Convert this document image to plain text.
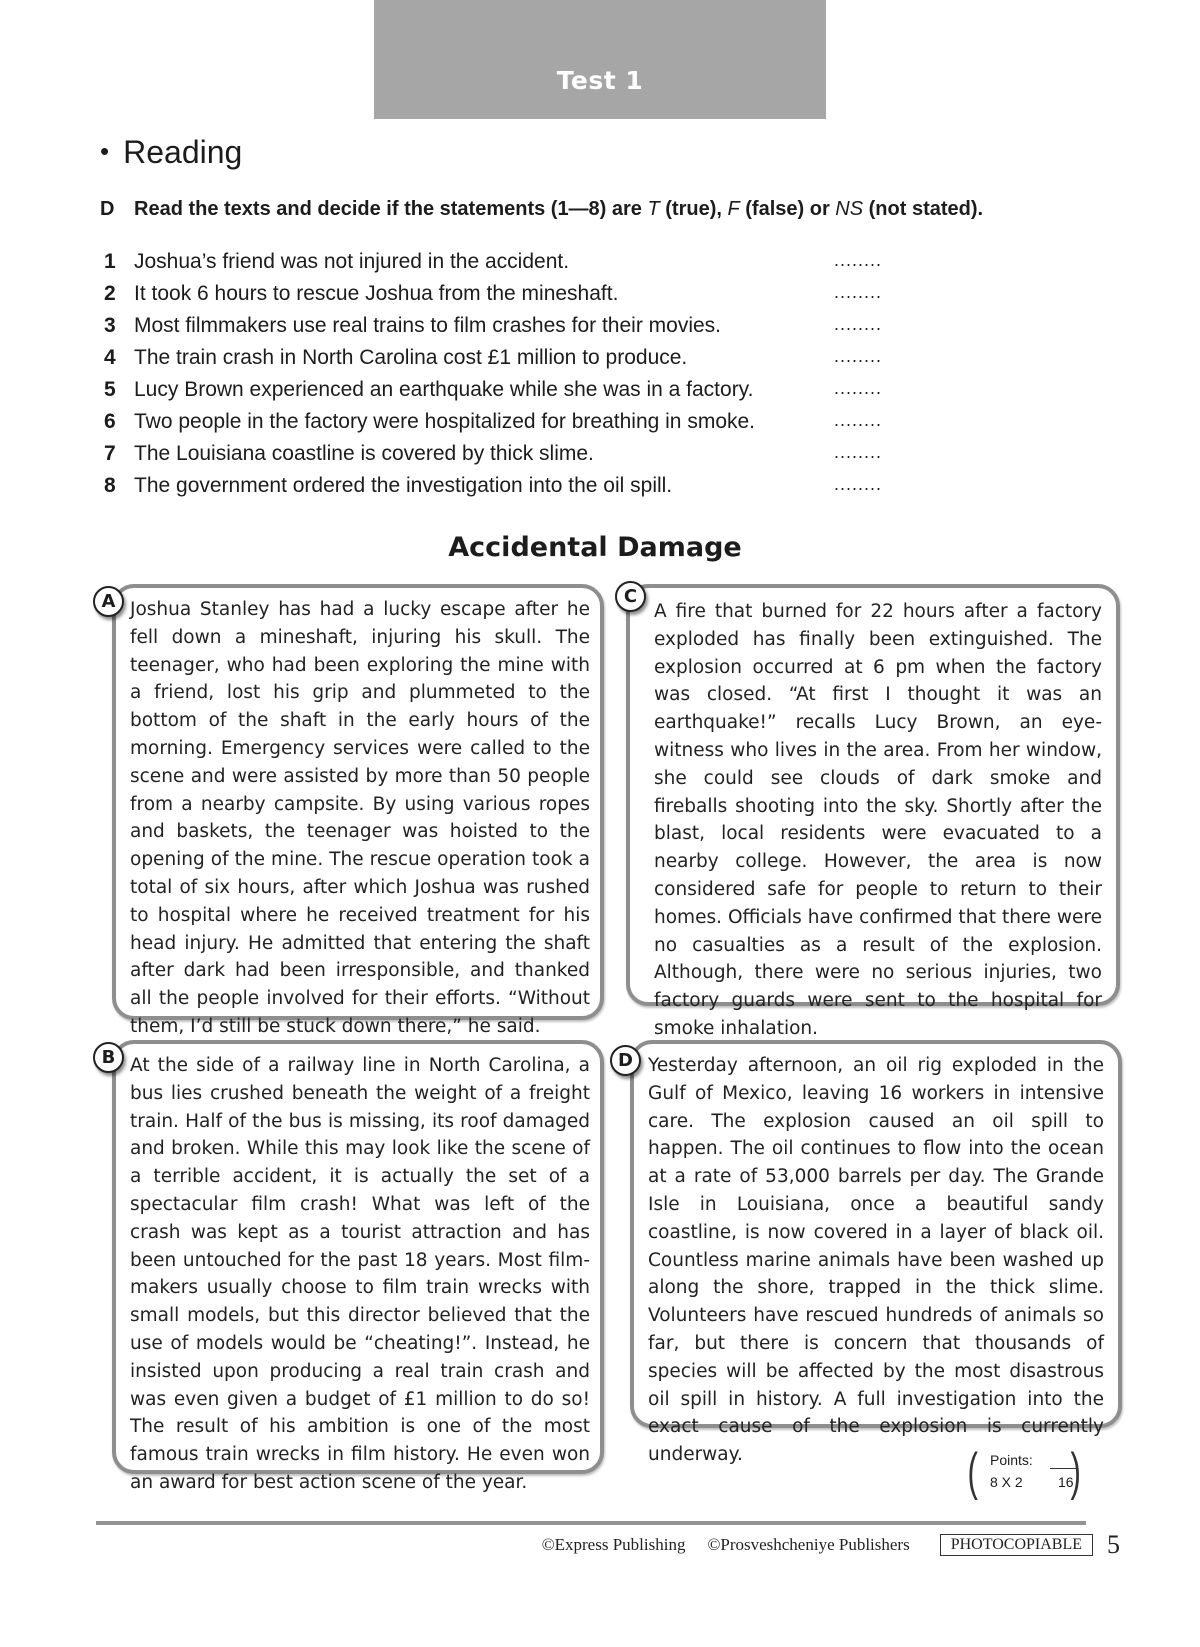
Test 1
• Reading
D Read the texts and decide if the statements (1—8) are T (true), F (false) or NS (not stated).
1 Joshua’s friend was not injured in the accident.	........
2 It took 6 hours to rescue Joshua from the mineshaft.	........
3 Most filmmakers use real trains to film crashes for their movies.	........
4 The train crash in North Carolina cost £1 million to produce.	........
5 Lucy Brown experienced an earthquake while she was in a factory.	........
6 Two people in the factory were hospitalized for breathing in smoke.	........
7 The Louisiana coastline is covered by thick slime.	........
8 The government ordered the investigation into the oil spill.	........
Accidental Damage

Joshua Stanley has had a lucky escape after he fell down a mineshaft, injuring his skull. The teenager, who had been exploring the mine with a friend, lost his grip and plummeted to the bottom of the shaft in the early hours of the morning. Emergency services were called to the scene and were assisted by more than 50 people from a nearby campsite. By using various ropes and baskets, the teenager was hoisted to the opening of the mine. The rescue operation took a total of six hours, after which Joshua was rushed to hospital where he received treatment for his head injury. He admitted that entering the shaft after dark had been irresponsible, and thanked all the people involved for their efforts. “Without them, I’d still be stuck down there,” he said.

A	A fire that burned for 22 hours after a factory exploded has finally been extinguished. The explosion occurred at 6 pm when the factory was closed. “At first I thought it was an earthquake!” recalls Lucy Brown, an eye-witness who lives in the area. From her window, she could see clouds of dark smoke and fireballs shooting into the sky. Shortly after the blast, local residents were evacuated to a nearby college. However, the area is now considered safe for people to return to their homes. Officials have confirmed that there were no casualties as a result of the explosion. Although, there were no serious injuries, two factory guards were sent to the hospital for smoke inhalation.

C

At the side of a railway line in North Carolina, a bus lies crushed beneath the weight of a freight train. Half of the bus is missing, its roof damaged and broken. While this may look like the scene of a terrible accident, it is actually the set of a spectacular film crash! What was left of the crash was kept as a tourist attraction and has been untouched for the past 18 years. Most film-makers usually choose to film train wrecks with small models, but this director believed that the use of models would be “cheating!”. Instead, he insisted upon producing a real train crash and was even given a budget of £1 million to do so! The result of his ambition is one of the most famous train wrecks in film history. He even won an award for best action scene of the year.

B	Yesterday afternoon, an oil rig exploded in the Gulf of Mexico, leaving 16 workers in intensive care. The explosion caused an oil spill to happen. The oil continues to flow into the ocean at a rate of 53,000 barrels per day. The Grande Isle in Louisiana, once a beautiful sandy coastline, is now covered in a layer of black oil. Countless marine animals have been washed up along the shore, trapped in the thick slime. Volunteers have rescued hundreds of animals so far, but there is concern that thousands of species will be affected by the most disastrous oil spill in history. A full investigation into the exact cause of the explosion is currently underway.

D
( Points:
8 X 2	16
)
©Express Publishing ©Prosveshcheniye Publishers	PHOTOCOPIABLE 5
